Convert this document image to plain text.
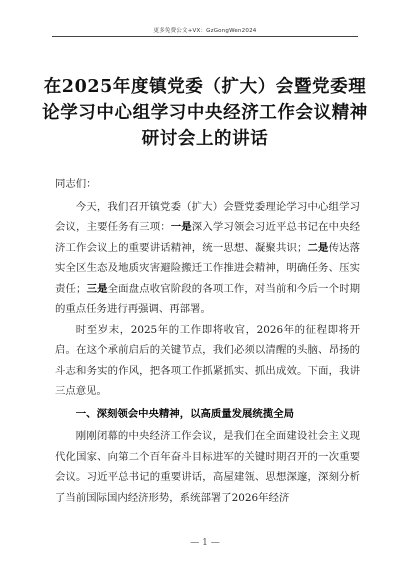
更多免费公文+VX：GzGongWen2024
在2025年度镇党委（扩大）会暨党委理
论学习中心组学习中央经济工作会议精神
研讨会上的讲话

同志们：

今天，我们召开镇党委（扩大）会暨党委理论学习中心组学习会议，主要任务有三项：一是深入学习领会习近平总书记在中央经济工作会议上的重要讲话精神，统一思想、凝聚共识；二是传达落实全区生态及地质灾害避险搬迁工作推进会精神，明确任务、压实责任；三是全面盘点收官阶段的各项工作，对当前和今后一个时期的重点任务进行再强调、再部署。

时至岁末，2025年的工作即将收官，2026年的征程即将开启。在这个承前启后的关键节点，我们必须以清醒的头脑、昂扬的斗志和务实的作风，把各项工作抓紧抓实、抓出成效。下面，我讲三点意见。

一、深刻领会中央精神，以高质量发展统揽全局

刚刚闭幕的中央经济工作会议，是我们在全面建设社会主义现代化国家、向第二个百年奋斗目标进军的关键时期召开的一次重要会议。习近平总书记的重要讲话，高屋建瓴、思想深邃，深刻分析了当前国际国内经济形势，系统部署了2026年经济

— 1 —
